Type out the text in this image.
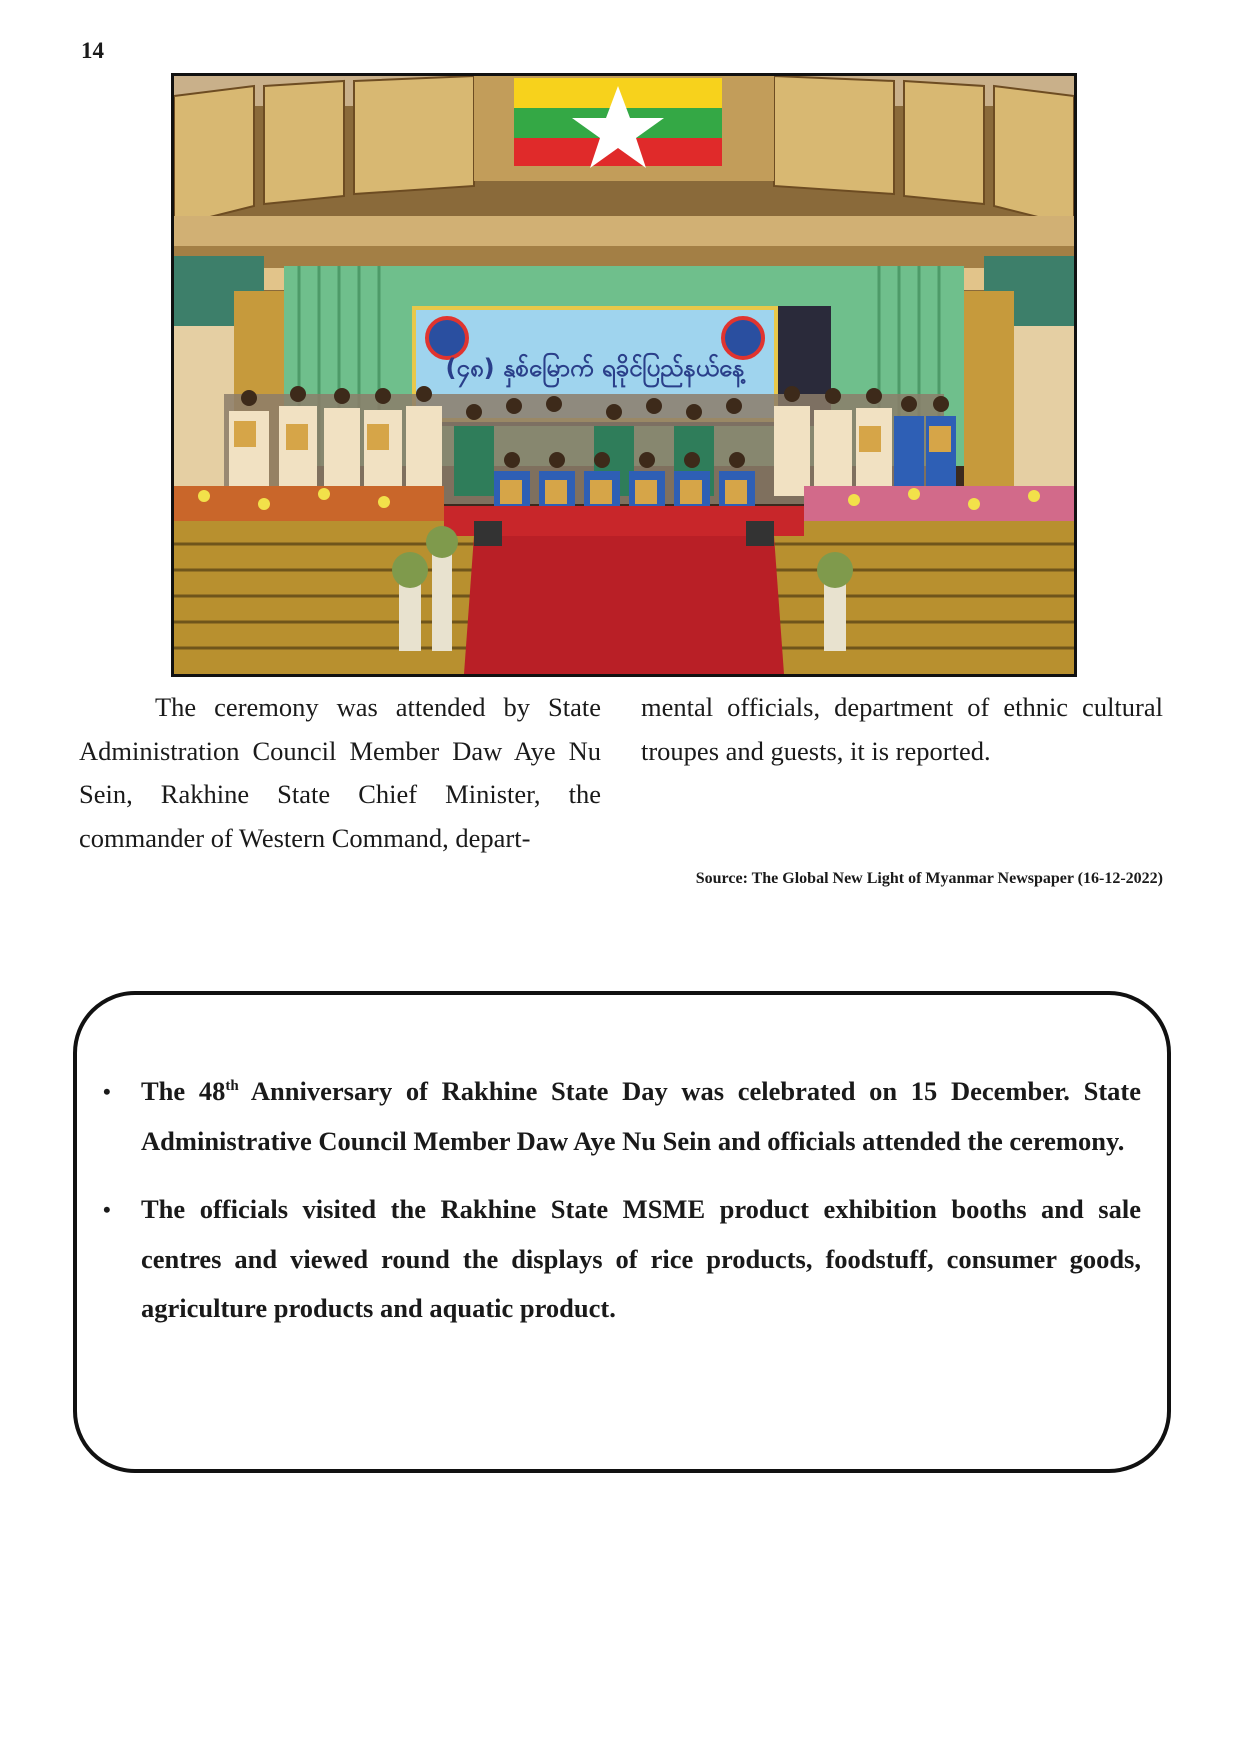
14
(၄၈) နှစ်မြောက် ရခိုင်ပြည်နယ်နေ့
The ceremony was attended by State Administration Council Member Daw Aye Nu Sein, Rakhine State Chief Minister, the commander of Western Command, depart-
mental officials, department of ethnic cultural troupes and guests, it is reported.
Source: The Global New Light of Myanmar Newspaper (16-12-2022)
• The 48th Anniversary of Rakhine State Day was celebrated on 15 December. State Administrative Council Member Daw Aye Nu Sein and officials attended the ceremony.
• The officials visited the Rakhine State MSME product exhibition booths and sale centres and viewed round the displays of rice products, foodstuff, consumer goods, agriculture products and aquatic product.
